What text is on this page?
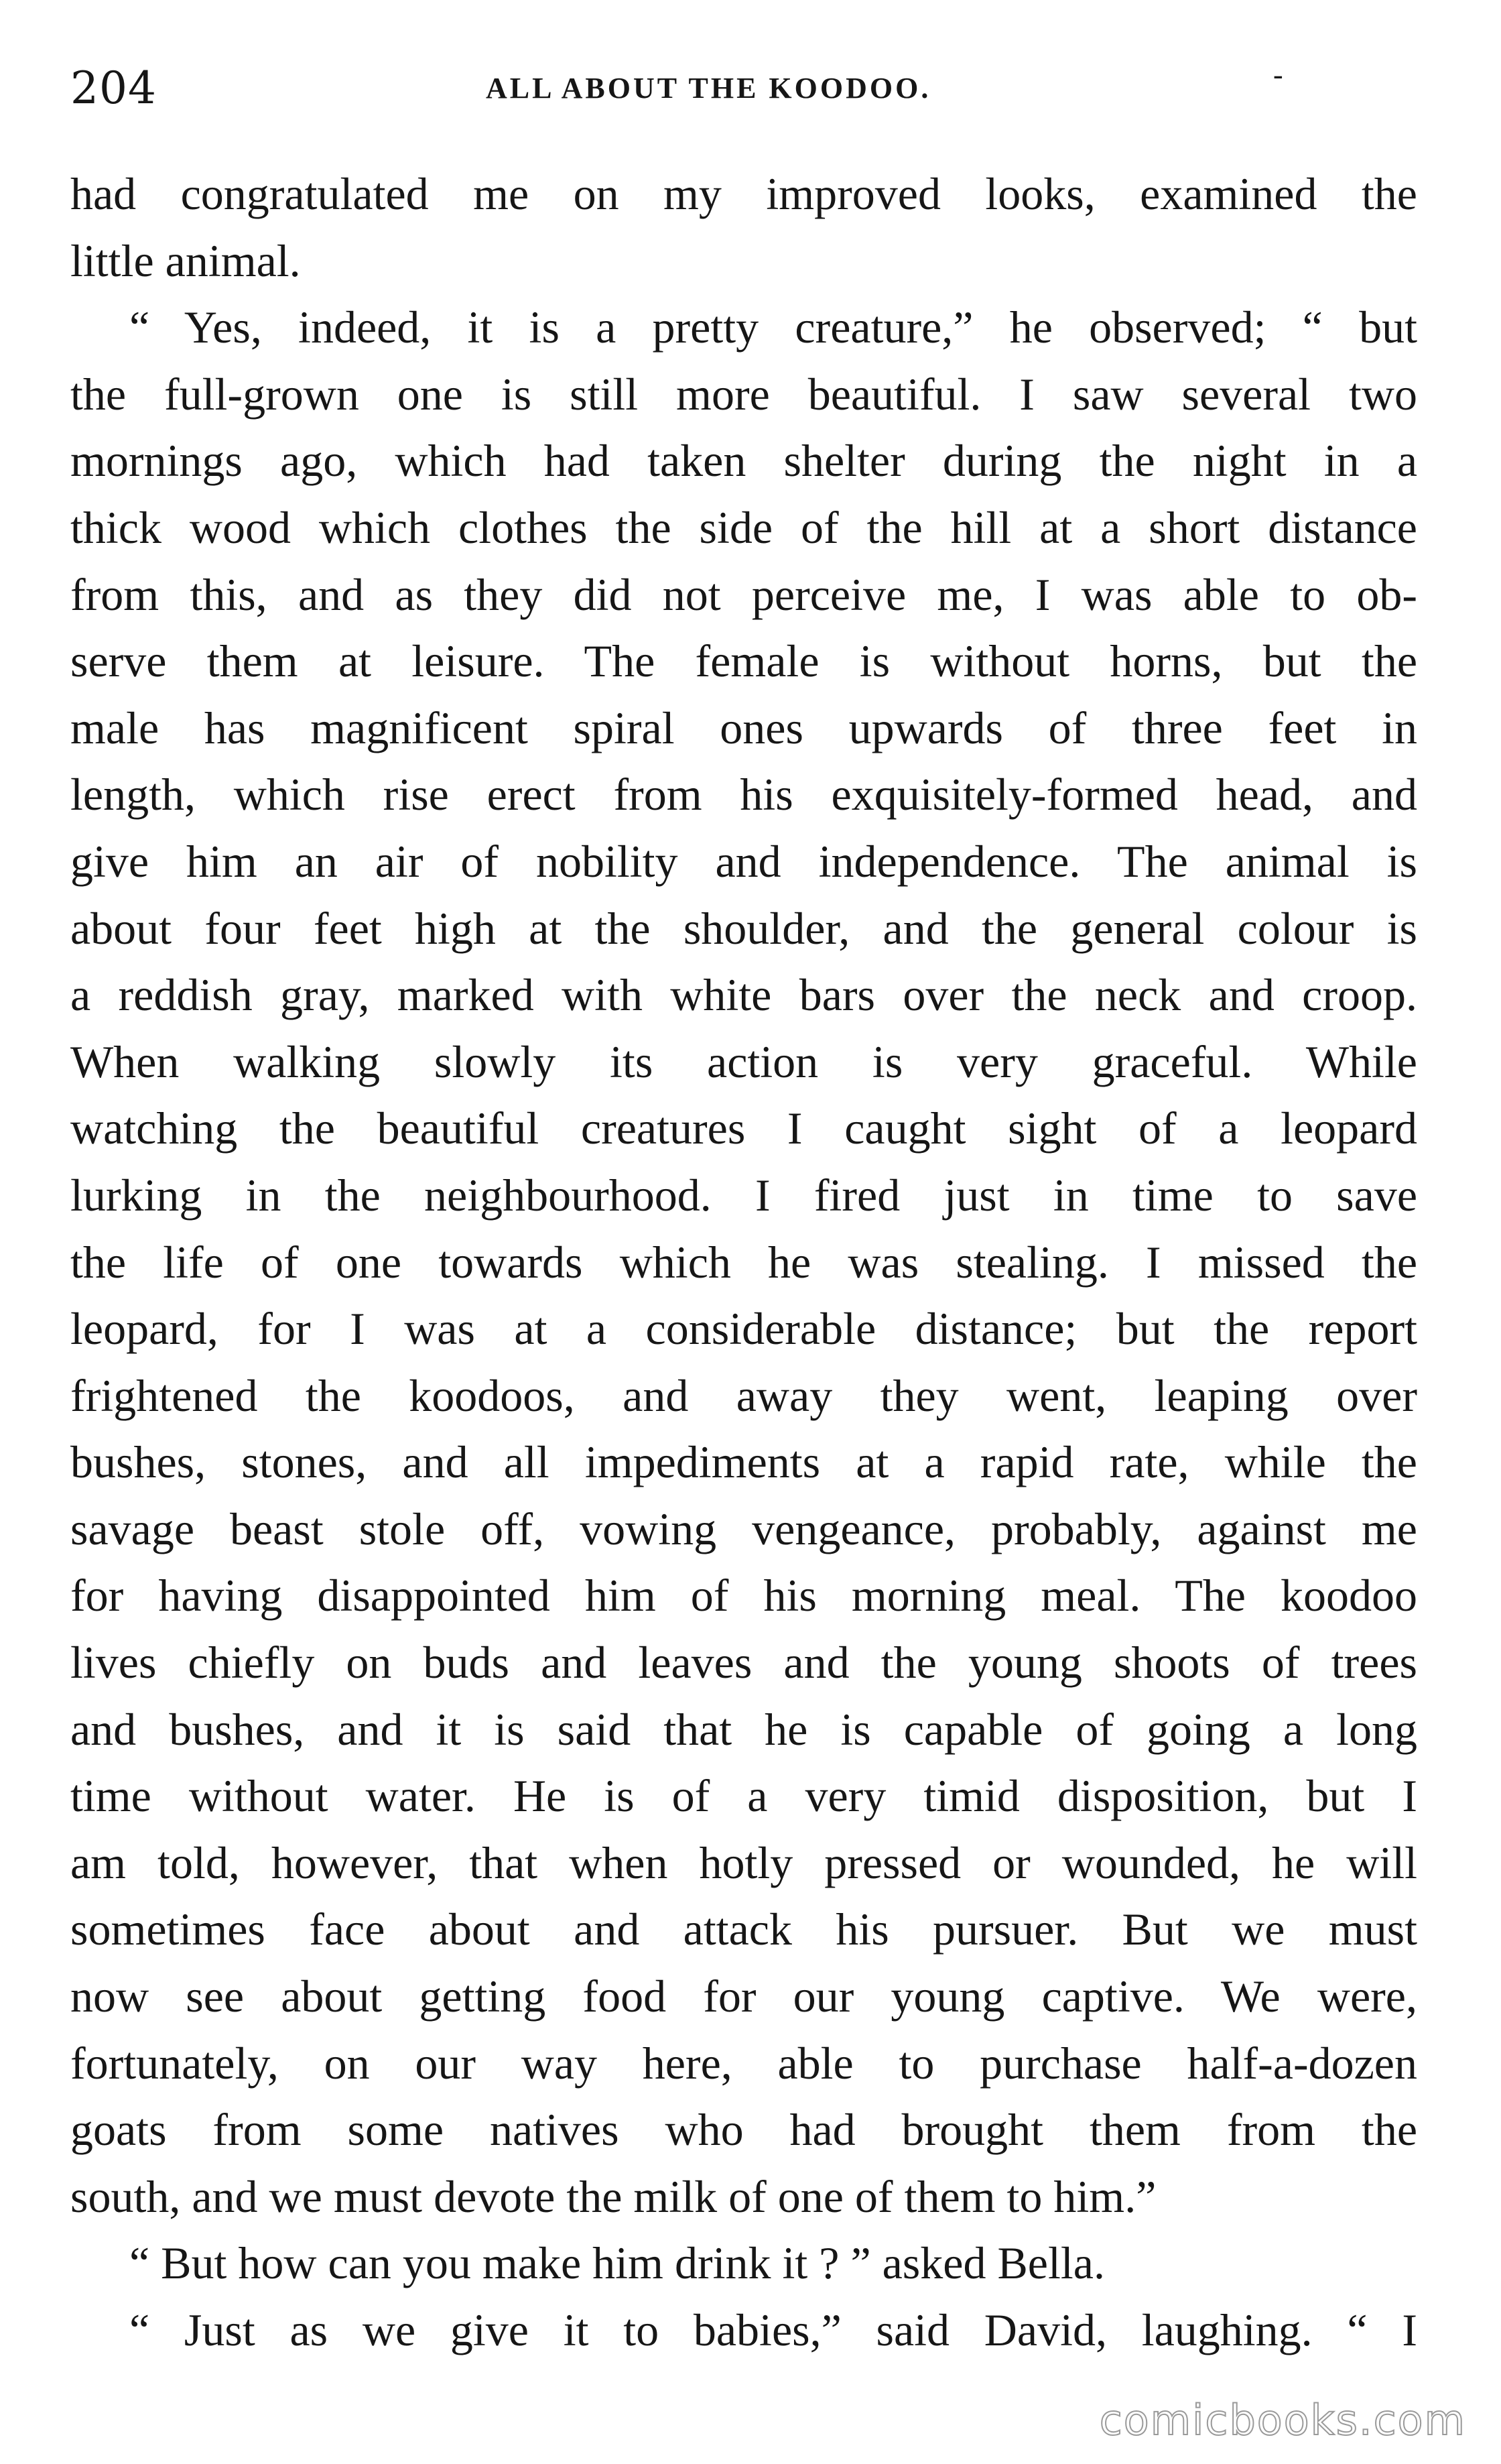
204	ALL ABOUT THE KOODOO.	-
had congratulated me on my improved looks, examined the
little animal.
“ Yes, indeed, it is a pretty creature,” he observed; “ but
the full-grown one is still more beautiful. I saw several two
mornings ago, which had taken shelter during the night in a
thick wood which clothes the side of the hill at a short distance
from this, and as they did not perceive me, I was able to ob-
serve them at leisure. The female is without horns, but the
male has magnificent spiral ones upwards of three feet in
length, which rise erect from his exquisitely-formed head, and
give him an air of nobility and independence. The animal is
about four feet high at the shoulder, and the general colour is
a reddish gray, marked with white bars over the neck and croop.
When walking slowly its action is very graceful. While
watching the beautiful creatures I caught sight of a leopard
lurking in the neighbourhood. I fired just in time to save
the life of one towards which he was stealing. I missed the
leopard, for I was at a considerable distance; but the report
frightened the koodoos, and away they went, leaping over
bushes, stones, and all impediments at a rapid rate, while the
savage beast stole off, vowing vengeance, probably, against me
for having disappointed him of his morning meal. The koodoo
lives chiefly on buds and leaves and the young shoots of trees
and bushes, and it is said that he is capable of going a long
time without water. He is of a very timid disposition, but I
am told, however, that when hotly pressed or wounded, he will
sometimes face about and attack his pursuer. But we must
now see about getting food for our young captive. We were,
fortunately, on our way here, able to purchase half-a-dozen
goats from some natives who had brought them from the
south, and we must devote the milk of one of them to him.”
“ But how can you make him drink it ? ” asked Bella.
“ Just as we give it to babies,” said David, laughing. “ I
comicbooks.com
